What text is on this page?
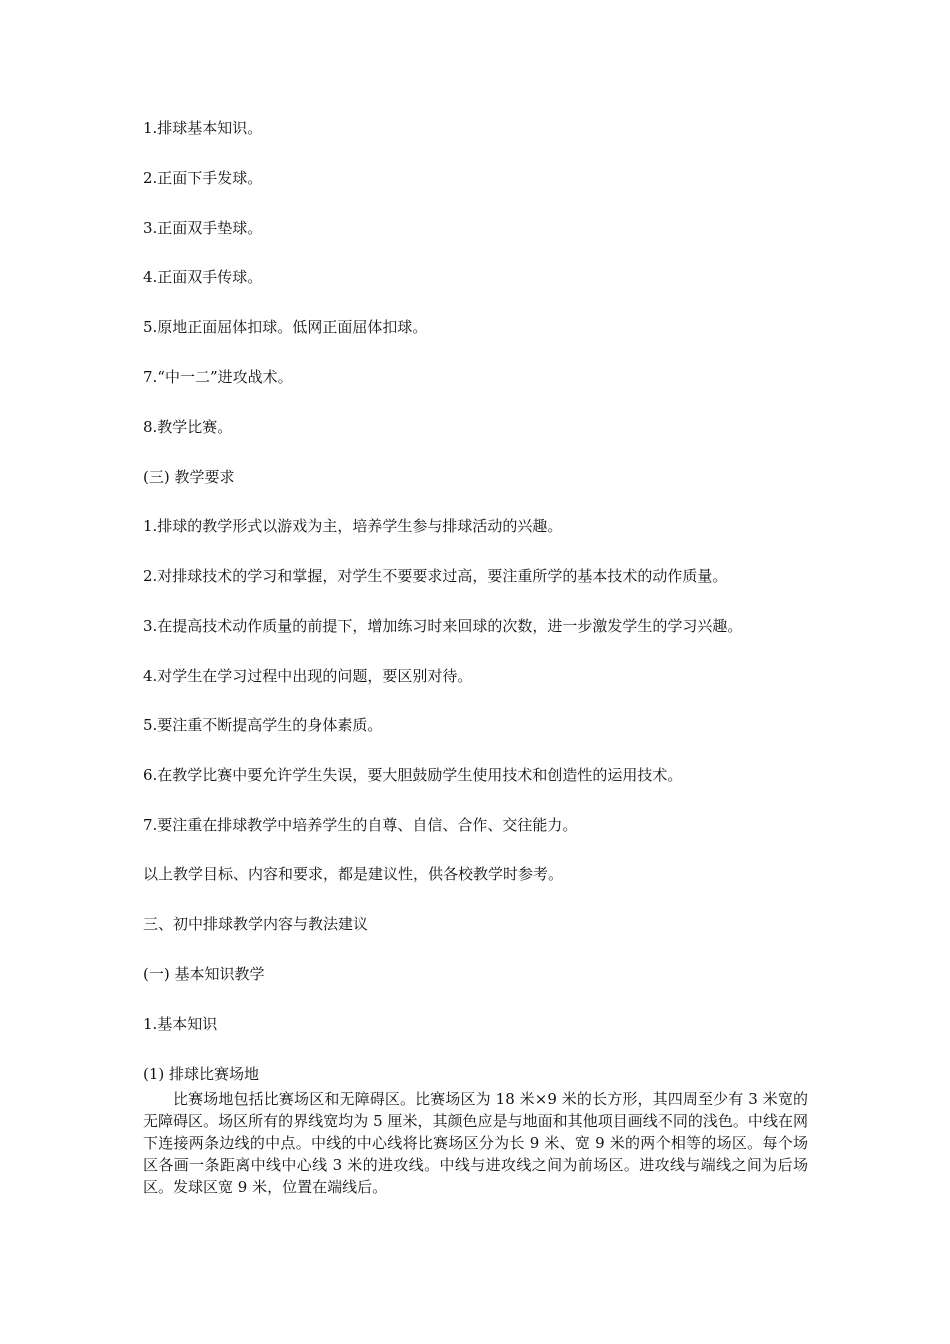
1.排球基本知识。
2.正面下手发球。
3.正面双手垫球。
4.正面双手传球。
5.原地正面屈体扣球。低网正面屈体扣球。
7.“中一二”进攻战术。
8.教学比赛。
(三) 教学要求
1.排球的教学形式以游戏为主，培养学生参与排球活动的兴趣。
2.对排球技术的学习和掌握，对学生不要要求过高，要注重所学的基本技术的动作质量。
3.在提高技术动作质量的前提下，增加练习时来回球的次数，进一步激发学生的学习兴趣。
4.对学生在学习过程中出现的问题，要区别对待。
5.要注重不断提高学生的身体素质。
6.在教学比赛中要允许学生失误，要大胆鼓励学生使用技术和创造性的运用技术。
7.要注重在排球教学中培养学生的自尊、自信、合作、交往能力。
以上教学目标、内容和要求，都是建议性，供各校教学时参考。
三、初中排球教学内容与教法建议
(一) 基本知识教学
1.基本知识
(1) 排球比赛场地
比赛场地包括比赛场区和无障碍区。比赛场区为 18 米×9 米的长方形，其四周至少有 3 米宽的无障碍区。场区所有的界线宽均为 5 厘米，其颜色应是与地面和其他项目画线不同的浅色。中线在网下连接两条边线的中点。中线的中心线将比赛场区分为长 9 米、宽 9 米的两个相等的场区。每个场区各画一条距离中线中心线 3 米的进攻线。中线与进攻线之间为前场区。进攻线与端线之间为后场区。发球区宽 9 米，位置在端线后。
